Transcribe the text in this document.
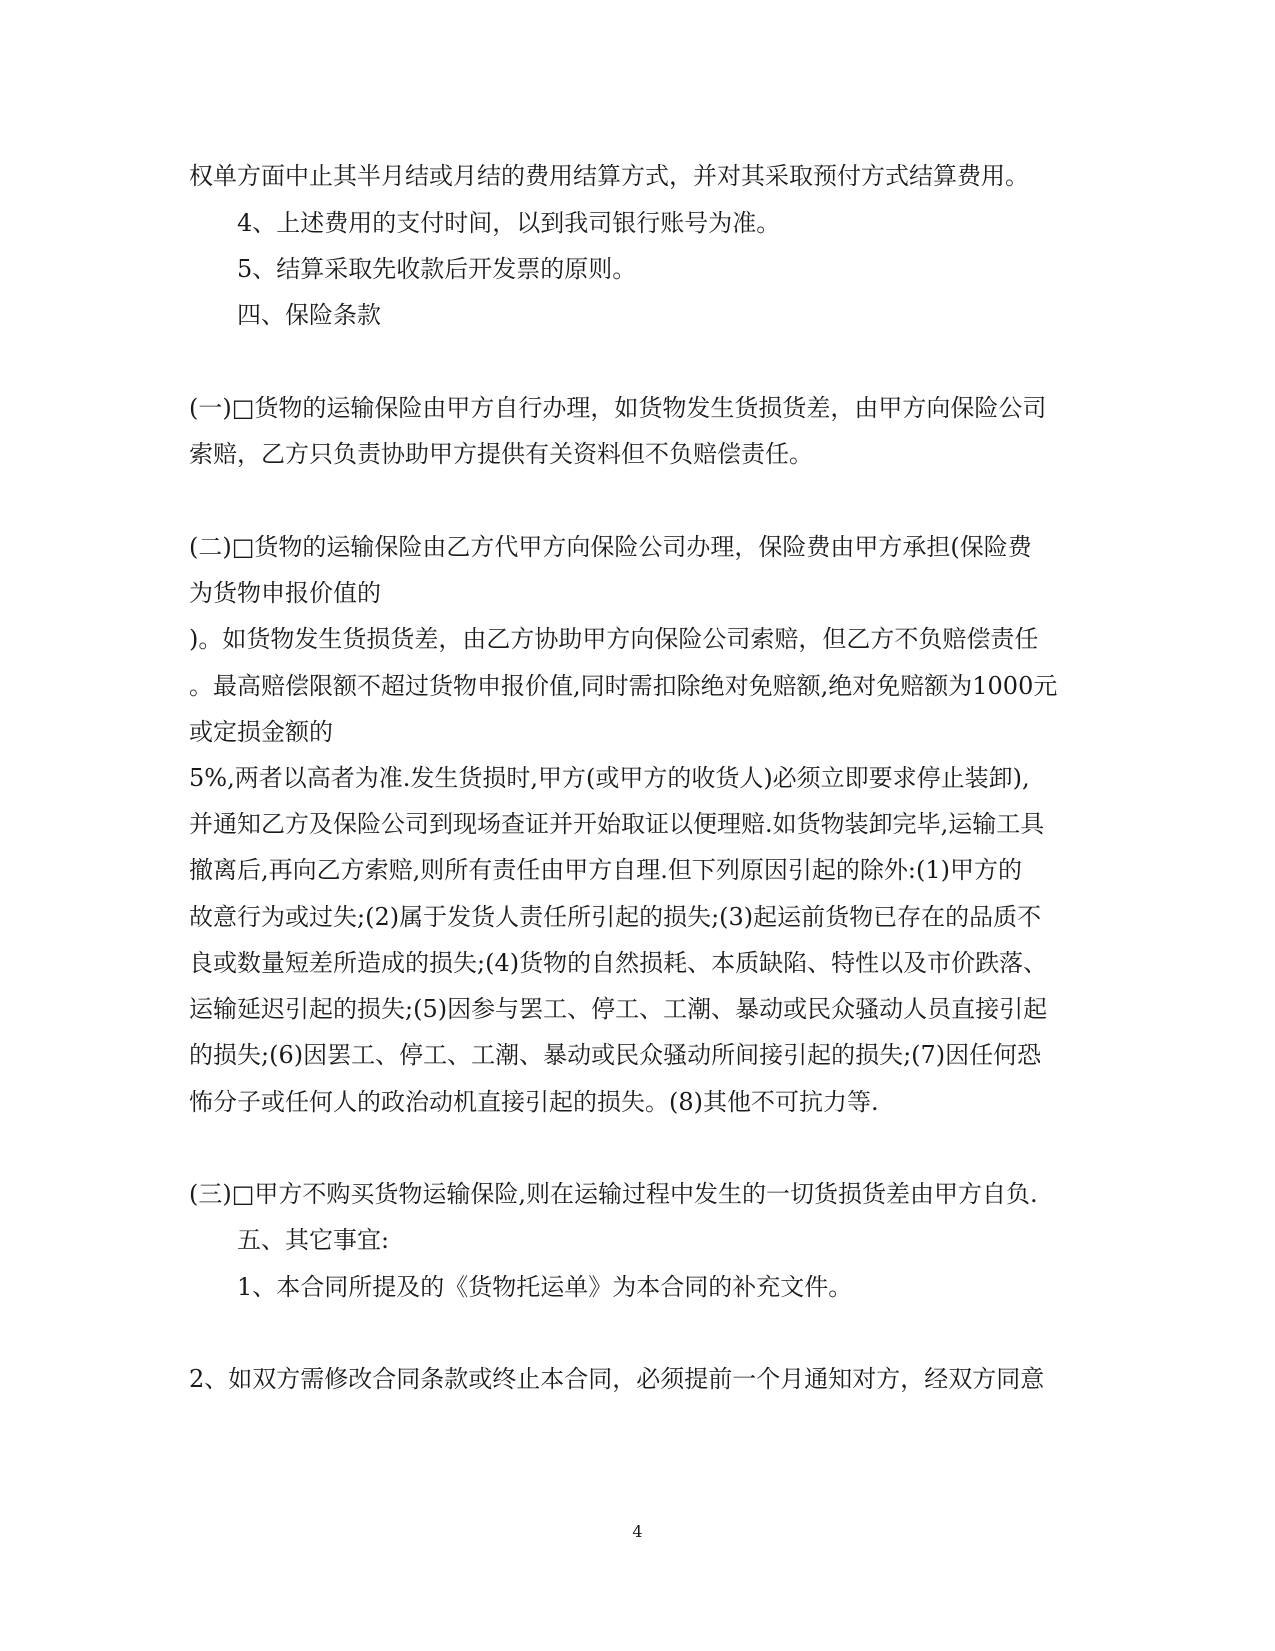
权单方面中止其半月结或月结的费用结算方式，并对其采取预付方式结算费用。
4、上述费用的支付时间，以到我司银行账号为准。
5、结算采取先收款后开发票的原则。
四、保险条款
(一)□货物的运输保险由甲方自行办理，如货物发生货损货差，由甲方向保险公司
索赔，乙方只负责协助甲方提供有关资料但不负赔偿责任。
(二)□货物的运输保险由乙方代甲方向保险公司办理，保险费由甲方承担(保险费
为货物申报价值的
)。如货物发生货损货差，由乙方协助甲方向保险公司索赔，但乙方不负赔偿责任
。最高赔偿限额不超过货物申报价值,同时需扣除绝对免赔额,绝对免赔额为1000元
或定损金额的
5%,两者以高者为准.发生货损时,甲方(或甲方的收货人)必须立即要求停止装卸),
并通知乙方及保险公司到现场查证并开始取证以便理赔.如货物装卸完毕,运输工具
撤离后,再向乙方索赔,则所有责任由甲方自理.但下列原因引起的除外:(1)甲方的
故意行为或过失;(2)属于发货人责任所引起的损失;(3)起运前货物已存在的品质不
良或数量短差所造成的损失;(4)货物的自然损耗、本质缺陷、特性以及市价跌落、
运输延迟引起的损失;(5)因参与罢工、停工、工潮、暴动或民众骚动人员直接引起
的损失;(6)因罢工、停工、工潮、暴动或民众骚动所间接引起的损失;(7)因任何恐
怖分子或任何人的政治动机直接引起的损失。(8)其他不可抗力等.
(三)□甲方不购买货物运输保险,则在运输过程中发生的一切货损货差由甲方自负.
五、其它事宜:
1、本合同所提及的《货物托运单》为本合同的补充文件。
2、如双方需修改合同条款或终止本合同，必须提前一个月通知对方，经双方同意
4
